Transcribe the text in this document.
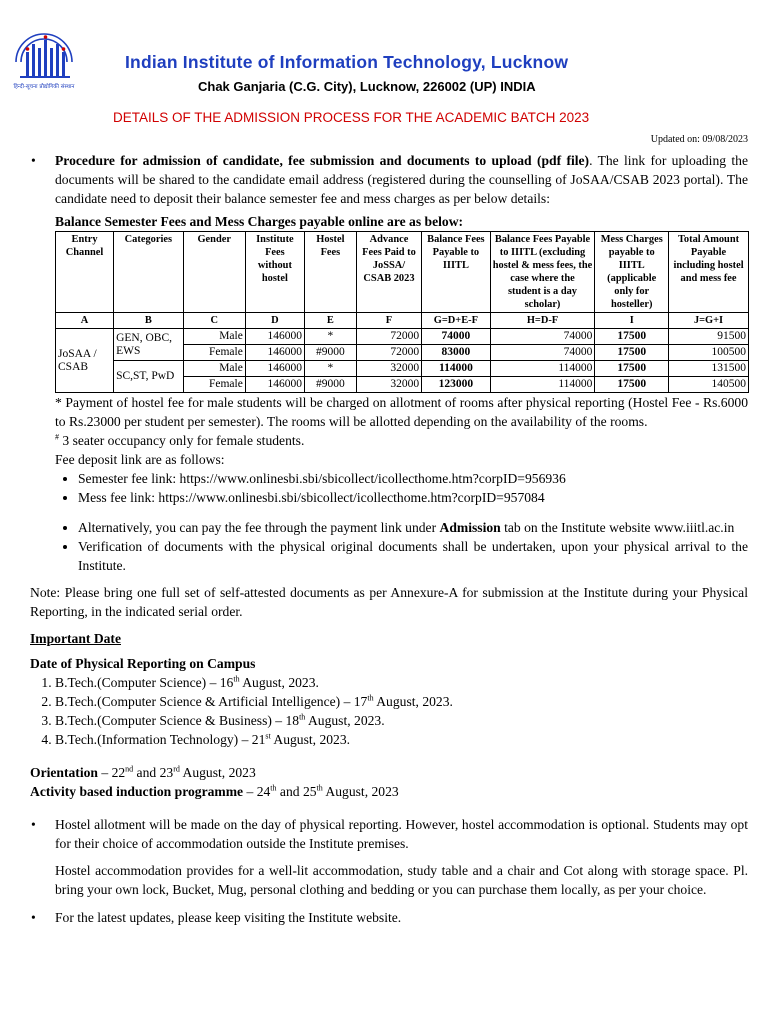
हिन्दी-सूचना प्रौद्योगिकी संस्थान
Indian Institute of Information Technology, Lucknow
Chak Ganjaria (C.G. City), Lucknow, 226002 (UP) INDIA
DETAILS OF THE ADMISSION PROCESS FOR THE ACADEMIC BATCH 2023
Updated on: 09/08/2023
• Procedure for admission of candidate, fee submission and documents to upload (pdf file). The link for uploading the documents will be shared to the candidate email address (registered during the counselling of JoSAA/CSAB 2023 portal). The candidate need to deposit their balance semester fee and mess charges as per below details:
Balance Semester Fees and Mess Charges payable online are as below:
Entry Channel	Categories	Gender	Institute Fees without hostel	Hostel Fees	Advance Fees Paid to JoSSA/ CSAB 2023	Balance Fees Payable to IIITL	Balance Fees Payable to IIITL (excluding hostel & mess fees, the case where the student is a day scholar)	Mess Charges payable to IIITL (applicable only for hosteller)	Total Amount Payable including hostel and mess fee
A	B	C	D	E	F	G=D+E-F	H=D-F	I	J=G+I
JoSAA / CSAB	GEN, OBC, EWS	Male	146000	*	72000	74000	74000	17500	91500
		Female	146000	#9000	72000	83000	74000	17500	100500
	SC,ST, PwD	Male	146000	*	32000	114000	114000	17500	131500
		Female	146000	#9000	32000	123000	114000	17500	140500

* Payment of hostel fee for male students will be charged on allotment of rooms after physical reporting (Hostel Fee - Rs.6000 to Rs.23000 per student per semester). The rooms will be allotted depending on the availability of the rooms.

# 3 seater occupancy only for female students.

Fee deposit link are as follows:

• Semester fee link: https://www.onlinesbi.sbi/sbicollect/icollecthome.htm?corpID=956936
• Mess fee link: https://www.onlinesbi.sbi/sbicollect/icollecthome.htm?corpID=957084
• Alternatively, you can pay the fee through the payment link under Admission tab on the Institute website www.iiitl.ac.in
• Verification of documents with the physical original documents shall be undertaken, upon your physical arrival to the Institute.

Note: Please bring one full set of self-attested documents as per Annexure-A for submission at the Institute during your Physical Reporting, in the indicated serial order.

Important Date

Date of Physical Reporting on Campus

1. B.Tech.(Computer Science) – 16th August, 2023.
2. B.Tech.(Computer Science & Artificial Intelligence) – 17th August, 2023.
3. B.Tech.(Computer Science & Business) – 18th August, 2023.
4. B.Tech.(Information Technology) – 21st August, 2023.

Orientation – 22nd and 23rd August, 2023

Activity based induction programme – 24th and 25th August, 2023

• Hostel allotment will be made on the day of physical reporting. However, hostel accommodation is optional. Students may opt for their choice of accommodation outside the Institute premises.

Hostel accommodation provides for a well-lit accommodation, study table and a chair and Cot along with storage space. Pl. bring your own lock, Bucket, Mug, personal clothing and bedding or you can purchase them locally, as per your choice.

• For the latest updates, please keep visiting the Institute website.
